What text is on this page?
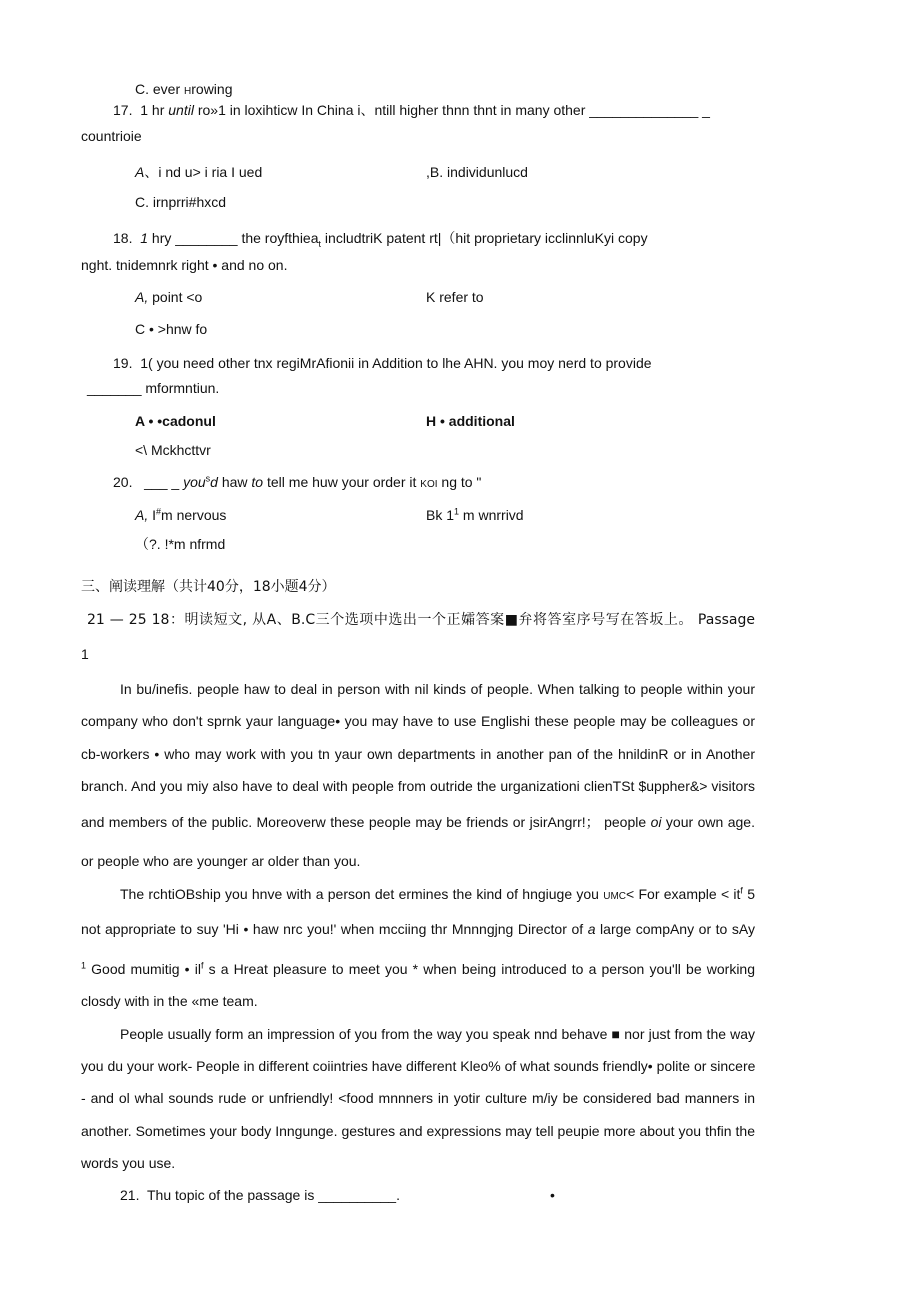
C. ever Hrowing
17. 1 hr until ro»1 in loxihticw In China i、ntill higher thnn thnt in many other ______________ _
countrioie
A、i nd u> i ria I ued	,B. individunlucd
C. irnprri#hxcd
18. 1 hry ________ the royfthiea$_t$ includtriK patent rt|（hit proprietary icclinnluKyi copy
nght. tnidemnrk right • and no on.
A, point <o	K refer to
C • >hnw fo
19. 1( you need other tnx regiMrAfionii in Addition to lhe AHN. you moy nerd to provide
_______ mformntiun.
A • •cadonul	H • additional
<\ Mckhcttvr
20. ___ _ you$^s$d haw to tell me huw your order it KOI ng to "
A, I#m nervous	Bk $1^1$ m wnrrivd
（?. !*m nfrmd
三、阐读理解（共计40分，18小题4分）
21 — 25 18：明读短文, 从A、B.C三个选项中选出一个正孀答案■弁将答室序号写在答坂上。 Passage
1
In bu/inefis. people haw to deal in person with nil kinds of people. When talking to people within your
company who don't sprnk yaur language• you may have to use Englishi these people may be colleagues or
cb-workers • who may work with you tn yaur own departments in another pan of the hnildinR or in Another
branch. And you miy also have to deal with people from outride the urganizationi clienTSt $uppher&> visitors
and members of the public. Moreoverw these people may be friends or jsirAngrr!； people oi your own age.
or people who are younger ar older than you.
The rchtiOBship you hnve with a person det ermines the kind of hngiuge you UMC< For example < $it^f$ 5
not appropriate to suy 'Hi • haw nrc you!' when mcciing thr Mnnngjng Director of a large compAny or to sAy
$^1$ Good mumitig • $il^f$ s a Hreat pleasure to meet you * when being introduced to a person you'll be working
closdy with in the «me team.
People usually form an impression of you from the way you speak nnd behave ■ nor just from the way
you du your work- People in different coiintries have different Kleo% of what sounds friendly• polite or sincere
- and ol whal sounds rude or unfriendly! <food mnnners in yotir culture m/iy be considered bad manners in
another. Sometimes your body Inngunge. gestures and expressions may tell peupie more about you thfin the
words you use.
21. Thu topic of the passage is __________.	•
